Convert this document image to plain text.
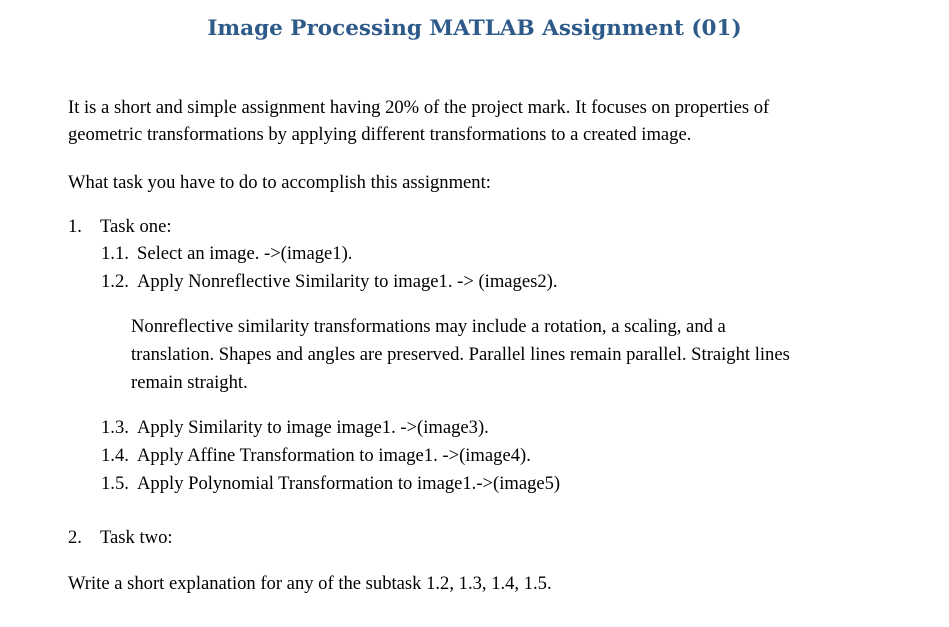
Image Processing MATLAB Assignment (01)
It is a short and simple assignment having 20% of the project mark. It focuses on properties of
geometric transformations by applying different transformations to a created image.
What task you have to do to accomplish this assignment:
1. Task one:
1.1. Select an image. ->(image1).
1.2. Apply Nonreflective Similarity to image1. -> (images2).
Nonreflective similarity transformations may include a rotation, a scaling, and a
translation. Shapes and angles are preserved. Parallel lines remain parallel. Straight lines
remain straight.
1.3. Apply Similarity to image image1. ->(image3).
1.4. Apply Affine Transformation to image1. ->(image4).
1.5. Apply Polynomial Transformation to image1.->(image5)
2. Task two:
Write a short explanation for any of the subtask 1.2, 1.3, 1.4, 1.5.
